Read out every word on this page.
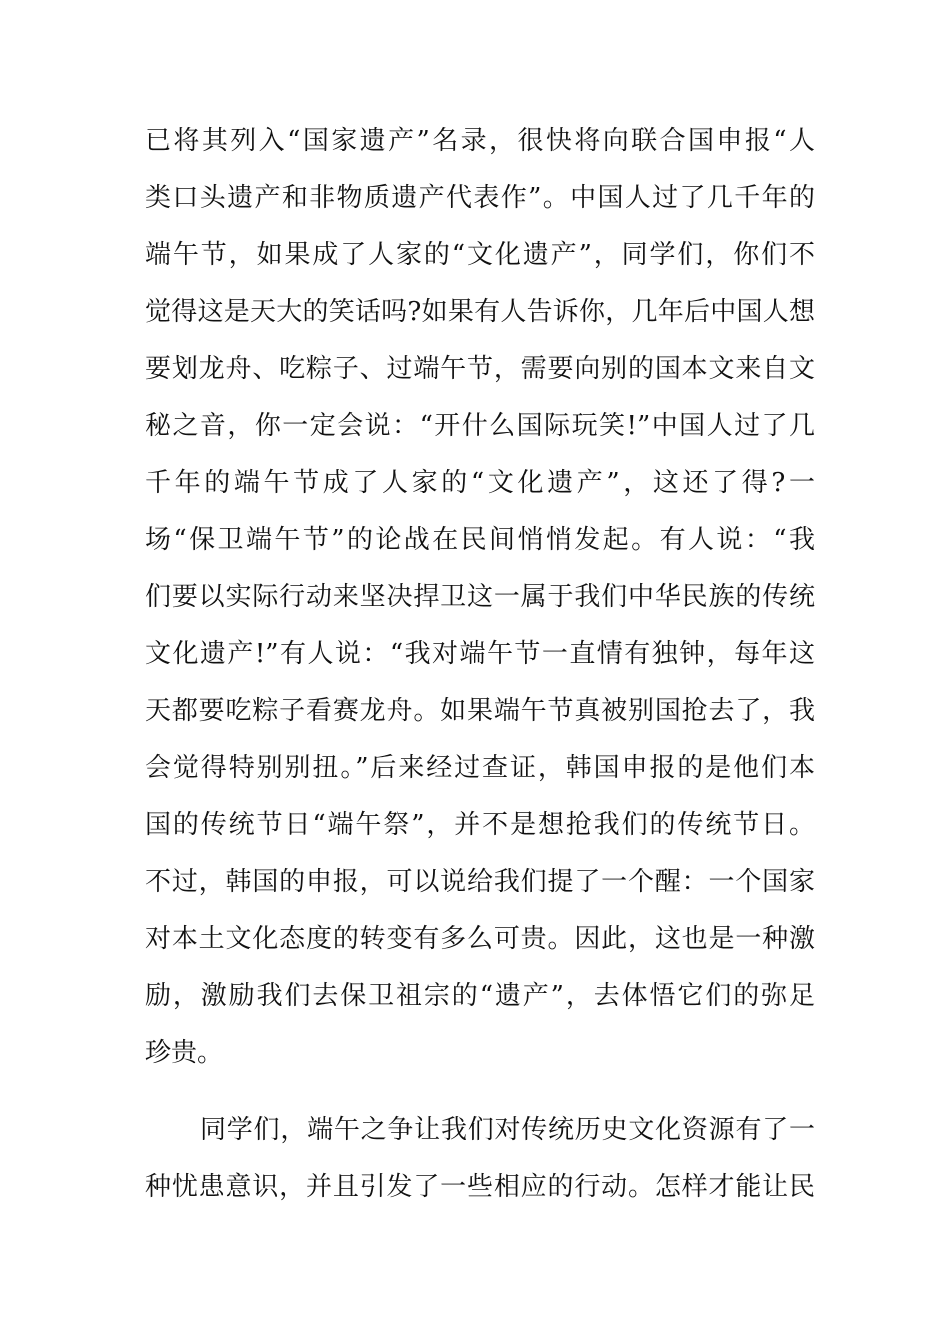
已将其列入“国家遗产”名录，很快将向联合国申报“人
类口头遗产和非物质遗产代表作”。中国人过了几千年的
端午节，如果成了人家的“文化遗产”，同学们，你们不
觉得这是天大的笑话吗?如果有人告诉你，几年后中国人想
要划龙舟、吃粽子、过端午节，需要向别的国本文来自文
秘之音，你一定会说：“开什么国际玩笑!”中国人过了几
千年的端午节成了人家的“文化遗产”，这还了得?一
场“保卫端午节”的论战在民间悄悄发起。有人说：“我
们要以实际行动来坚决捍卫这一属于我们中华民族的传统
文化遗产!”有人说：“我对端午节一直情有独钟，每年这
天都要吃粽子看赛龙舟。如果端午节真被别国抢去了，我
会觉得特别别扭。”后来经过查证，韩国申报的是他们本
国的传统节日“端午祭”，并不是想抢我们的传统节日。
不过，韩国的申报，可以说给我们提了一个醒：一个国家
对本土文化态度的转变有多么可贵。因此，这也是一种激
励，激励我们去保卫祖宗的“遗产”，去体悟它们的弥足
珍贵。
同学们，端午之争让我们对传统历史文化资源有了一
种忧患意识，并且引发了一些相应的行动。怎样才能让民
